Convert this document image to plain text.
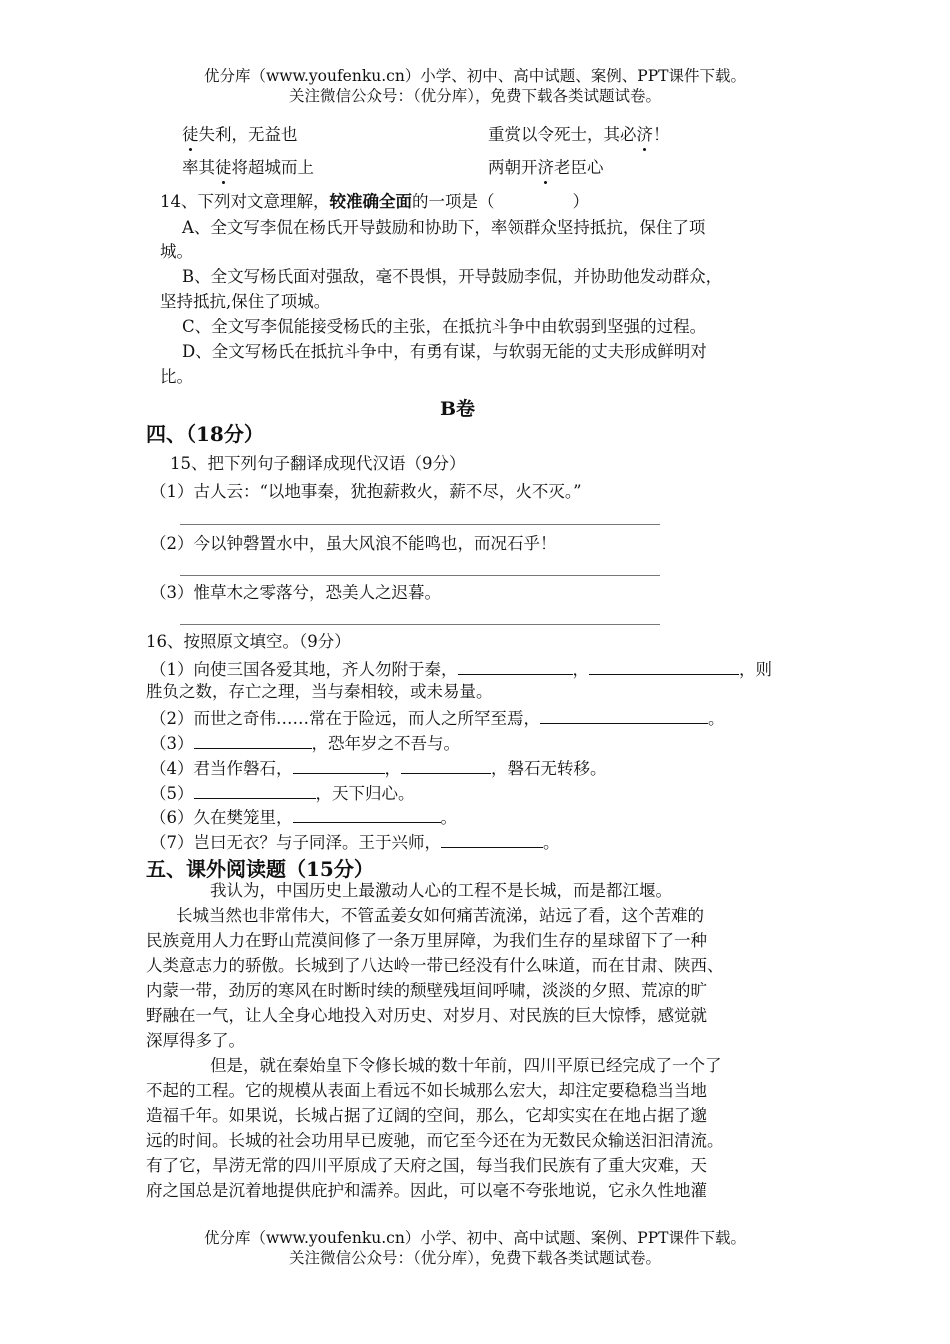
优分库（www.youfenku.cn）小学、初中、高中试题、案例、PPT课件下载。
关注微信公众号：（优分库），免费下载各类试题试卷。
徒失利，无益也	重赏以令死士，其必济！
率其徒将超城而上	两朝开济老臣心
14、下列对文意理解，较准确全面的一项是（	）
A、全文写李侃在杨氏开导鼓励和协助下，率领群众坚持抵抗，保住了项
城。
B、全文写杨氏面对强敌，毫不畏惧，开导鼓励李侃，并协助他发动群众，
坚持抵抗,保住了项城。
C、全文写李侃能接受杨氏的主张，在抵抗斗争中由软弱到坚强的过程。
D、全文写杨氏在抵抗斗争中，有勇有谋，与软弱无能的丈夫形成鲜明对
比。
B卷
四、（18分）
15、把下列句子翻译成现代汉语（9分）
（1）古人云：“以地事秦，犹抱薪救火，薪不尽，火不灭。”
（2）今以钟磬置水中，虽大风浪不能鸣也，而况石乎！
（3）惟草木之零落兮，恐美人之迟暮。
16、按照原文填空。（9分）
（1）向使三国各爱其地，齐人勿附于秦，	，	，则
胜负之数，存亡之理，当与秦相较，或未易量。
（2）而世之奇伟……常在于险远，而人之所罕至焉，	。
（3）	，恐年岁之不吾与。
（4）君当作磐石，	，	，磐石无转移。
（5）	，天下归心。
（6）久在樊笼里，	。
（7）岂曰无衣？与子同泽。王于兴师，	。
五、课外阅读题（15分）
我认为，中国历史上最激动人心的工程不是长城，而是都江堰。
长城当然也非常伟大，不管孟姜女如何痛苦流涕，站远了看，这个苦难的
民族竟用人力在野山荒漠间修了一条万里屏障，为我们生存的星球留下了一种
人类意志力的骄傲。长城到了八达岭一带已经没有什么味道，而在甘肃、陕西、
内蒙一带，劲厉的寒风在时断时续的颓壁残垣间呼啸，淡淡的夕照、荒凉的旷
野融在一气，让人全身心地投入对历史、对岁月、对民族的巨大惊悸，感觉就
深厚得多了。
但是，就在秦始皇下令修长城的数十年前，四川平原已经完成了一个了
不起的工程。它的规模从表面上看远不如长城那么宏大，却注定要稳稳当当地
造福千年。如果说，长城占据了辽阔的空间，那么，它却实实在在地占据了邈
远的时间。长城的社会功用早已废驰，而它至今还在为无数民众输送汩汩清流。
有了它，旱涝无常的四川平原成了天府之国，每当我们民族有了重大灾难，天
府之国总是沉着地提供庇护和濡养。因此，可以毫不夸张地说，它永久性地灌
优分库（www.youfenku.cn）小学、初中、高中试题、案例、PPT课件下载。
关注微信公众号：（优分库），免费下载各类试题试卷。
